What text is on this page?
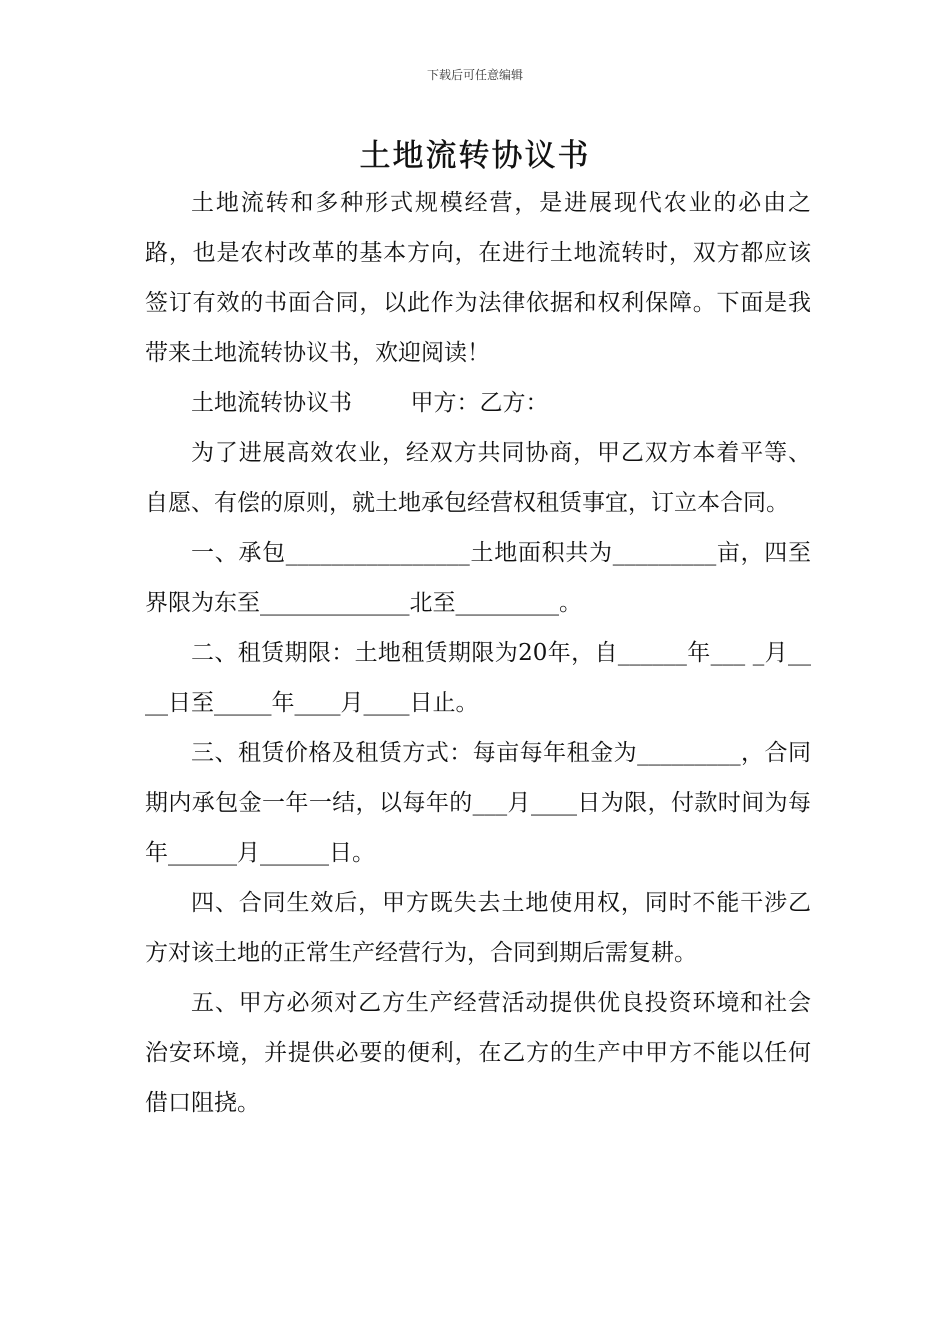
下载后可任意编辑
土地流转协议书

土地流转和多种形式规模经营，是进展现代农业的必由之路，也是农村改革的基本方向，在进行土地流转时，双方都应该签订有效的书面合同，以此作为法律依据和权利保障。下面是我带来土地流转协议书，欢迎阅读！

土地流转协议书	甲方：乙方：

为了进展高效农业，经双方共同协商，甲乙双方本着平等、自愿、有偿的原则，就土地承包经营权租赁事宜，订立本合同。

一、承包________________土地面积共为_________亩，四至界限为东至_____________北至_________。

二、租赁期限：土地租赁期限为20年，自______年___ _月____日至_____年____月____日止。

三、租赁价格及租赁方式：每亩每年租金为_________，合同期内承包金一年一结，以每年的___月____日为限，付款时间为每年______月______日。

四、合同生效后，甲方既失去土地使用权，同时不能干涉乙方对该土地的正常生产经营行为，合同到期后需复耕。

五、甲方必须对乙方生产经营活动提供优良投资环境和社会治安环境，并提供必要的便利，在乙方的生产中甲方不能以任何借口阻挠。
